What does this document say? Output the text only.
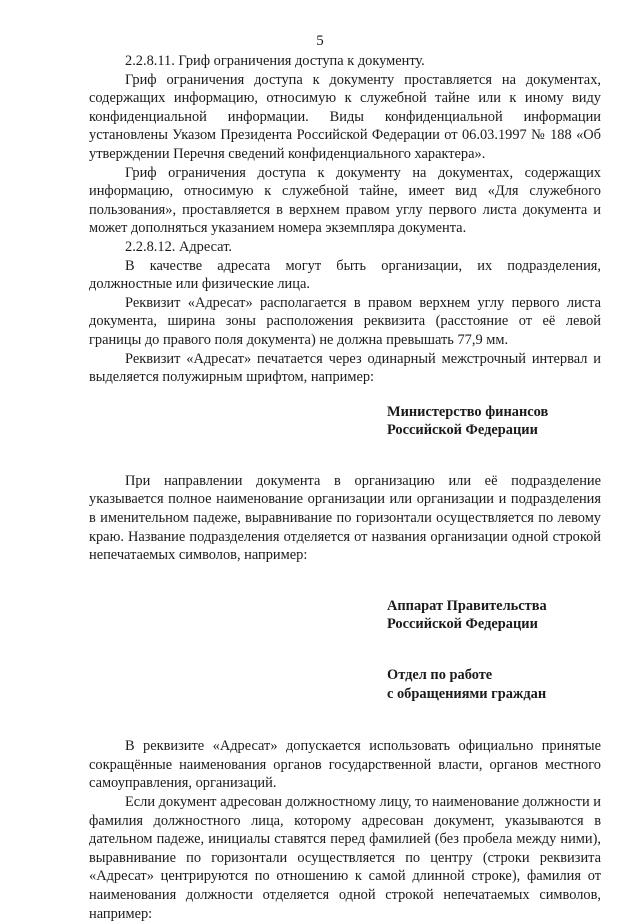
5

2.2.8.11. Гриф ограничения доступа к документу.

Гриф ограничения доступа к документу проставляется на документах, содержащих информацию, относимую к служебной тайне или к иному виду конфиденциальной информации. Виды конфиденциальной информации установлены Указом Президента Российской Федерации от 06.03.1997 № 188 «Об утверждении Перечня сведений конфиденциального характера».

Гриф ограничения доступа к документу на документах, содержащих информацию, относимую к служебной тайне, имеет вид «Для служебного пользования», проставляется в верхнем правом углу первого листа документа и может дополняться указанием номера экземпляра документа.

2.2.8.12. Адресат.

В качестве адресата могут быть организации, их подразделения, должностные или физические лица.

Реквизит «Адресат» располагается в правом верхнем углу первого листа документа, ширина зоны расположения реквизита (расстояние от её левой границы до правого поля документа) не должна превышать 77,9 мм.

Реквизит «Адресат» печатается через одинарный межстрочный интервал и выделяется полужирным шрифтом, например:

Министерство финансов

Российской Федерации

При направлении документа в организацию или её подразделение указывается полное наименование организации или организации и подразделения в именительном падеже, выравнивание по горизонтали осуществляется по левому краю. Название подразделения отделяется от названия организации одной строкой непечатаемых символов, например:

Аппарат Правительства

Российской Федерации

Отдел по работе

с обращениями граждан

В реквизите «Адресат» допускается использовать официально принятые сокращённые наименования органов государственной власти, органов местного самоуправления, организаций.

Если документ адресован должностному лицу, то наименование должности и фамилия должностного лица, которому адресован документ, указываются в дательном падеже, инициалы ставятся перед фамилией (без пробела между ними), выравнивание по горизонтали осуществляется по центру (строки реквизита «Адресат» центрируются по отношению к самой длинной строке), фамилия от наименования должности отделяется одной строкой непечатаемых символов, например:
